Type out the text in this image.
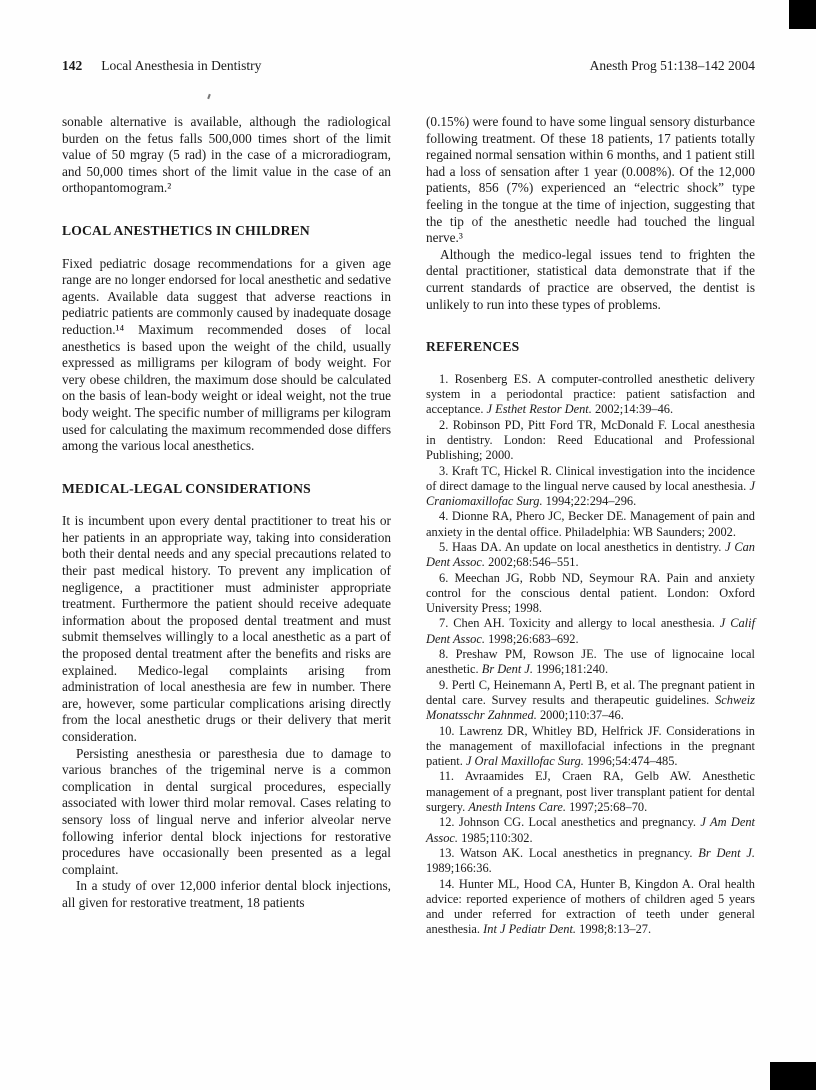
142 Local Anesthesia in Dentistry	Anesth Prog 51:138–142 2004

sonable alternative is available, although the radiological burden on the fetus falls 500,000 times short of the limit value of 50 mgray (5 rad) in the case of a microradiogram, and 50,000 times short of the limit value in the case of an orthopantomogram.²

LOCAL ANESTHETICS IN CHILDREN

Fixed pediatric dosage recommendations for a given age range are no longer endorsed for local anesthetic and sedative agents. Available data suggest that adverse reactions in pediatric patients are commonly caused by inadequate dosage reduction.¹⁴ Maximum recommended doses of local anesthetics is based upon the weight of the child, usually expressed as milligrams per kilogram of body weight. For very obese children, the maximum dose should be calculated on the basis of lean-body weight or ideal weight, not the true body weight. The specific number of milligrams per kilogram used for calculating the maximum recommended dose differs among the various local anesthetics.

MEDICAL-LEGAL CONSIDERATIONS

It is incumbent upon every dental practitioner to treat his or her patients in an appropriate way, taking into consideration both their dental needs and any special precautions related to their past medical history. To prevent any implication of negligence, a practitioner must administer appropriate treatment. Furthermore the patient should receive adequate information about the proposed dental treatment and must submit themselves willingly to a local anesthetic as a part of the proposed dental treatment after the benefits and risks are explained. Medico-legal complaints arising from administration of local anesthesia are few in number. There are, however, some particular complications arising directly from the local anesthetic drugs or their delivery that merit consideration.

Persisting anesthesia or paresthesia due to damage to various branches of the trigeminal nerve is a common complication in dental surgical procedures, especially associated with lower third molar removal. Cases relating to sensory loss of lingual nerve and inferior alveolar nerve following inferior dental block injections for restorative procedures have occasionally been presented as a legal complaint.

In a study of over 12,000 inferior dental block injections, all given for restorative treatment, 18 patients

(0.15%) were found to have some lingual sensory disturbance following treatment. Of these 18 patients, 17 patients totally regained normal sensation within 6 months, and 1 patient still had a loss of sensation after 1 year (0.008%). Of the 12,000 patients, 856 (7%) experienced an “electric shock” type feeling in the tongue at the time of injection, suggesting that the tip of the anesthetic needle had touched the lingual nerve.³

Although the medico-legal issues tend to frighten the dental practitioner, statistical data demonstrate that if the current standards of practice are observed, the dentist is unlikely to run into these types of problems.

REFERENCES

1. Rosenberg ES. A computer-controlled anesthetic delivery system in a periodontal practice: patient satisfaction and acceptance. J Esthet Restor Dent. 2002;14:39–46.

2. Robinson PD, Pitt Ford TR, McDonald F. Local anesthesia in dentistry. London: Reed Educational and Professional Publishing; 2000.

3. Kraft TC, Hickel R. Clinical investigation into the incidence of direct damage to the lingual nerve caused by local anesthesia. J Craniomaxillofac Surg. 1994;22:294–296.

4. Dionne RA, Phero JC, Becker DE. Management of pain and anxiety in the dental office. Philadelphia: WB Saunders; 2002.

5. Haas DA. An update on local anesthetics in dentistry. J Can Dent Assoc. 2002;68:546–551.

6. Meechan JG, Robb ND, Seymour RA. Pain and anxiety control for the conscious dental patient. London: Oxford University Press; 1998.

7. Chen AH. Toxicity and allergy to local anesthesia. J Calif Dent Assoc. 1998;26:683–692.

8. Preshaw PM, Rowson JE. The use of lignocaine local anesthetic. Br Dent J. 1996;181:240.

9. Pertl C, Heinemann A, Pertl B, et al. The pregnant patient in dental care. Survey results and therapeutic guidelines. Schweiz Monatsschr Zahnmed. 2000;110:37–46.

10. Lawrenz DR, Whitley BD, Helfrick JF. Considerations in the management of maxillofacial infections in the pregnant patient. J Oral Maxillofac Surg. 1996;54:474–485.

11. Avraamides EJ, Craen RA, Gelb AW. Anesthetic management of a pregnant, post liver transplant patient for dental surgery. Anesth Intens Care. 1997;25:68–70.

12. Johnson CG. Local anesthetics and pregnancy. J Am Dent Assoc. 1985;110:302.

13. Watson AK. Local anesthetics in pregnancy. Br Dent J. 1989;166:36.

14. Hunter ML, Hood CA, Hunter B, Kingdon A. Oral health advice: reported experience of mothers of children aged 5 years and under referred for extraction of teeth under general anesthesia. Int J Pediatr Dent. 1998;8:13–27.
